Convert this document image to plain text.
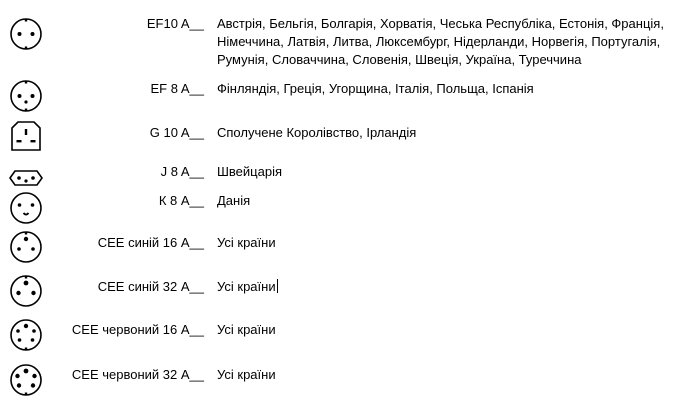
EF10 A__ Австрія, Бельгія, Болгарія, Хорватія, Чеська Республіка, Естонія, Франція, Німеччина, Латвія, Литва, Люксембург, Нідерланди, Норвегія, Португалія, Румунія, Словаччина, Словенія, Швеція, Україна, Туреччина
EF 8 A__ Фінляндія, Греція, Угорщина, Італія, Польща, Іспанія
G 10 A__ Сполучене Королівство, Ірландія
J 8 A__ Швейцарія
К 8 A__ Данія
CEE синій 16 A__ Усі країни
CEE синій 32 A__ Усі країни
CEE червоний 16 A__ Усі країни
CEE червоний 32 A__ Усі країни
